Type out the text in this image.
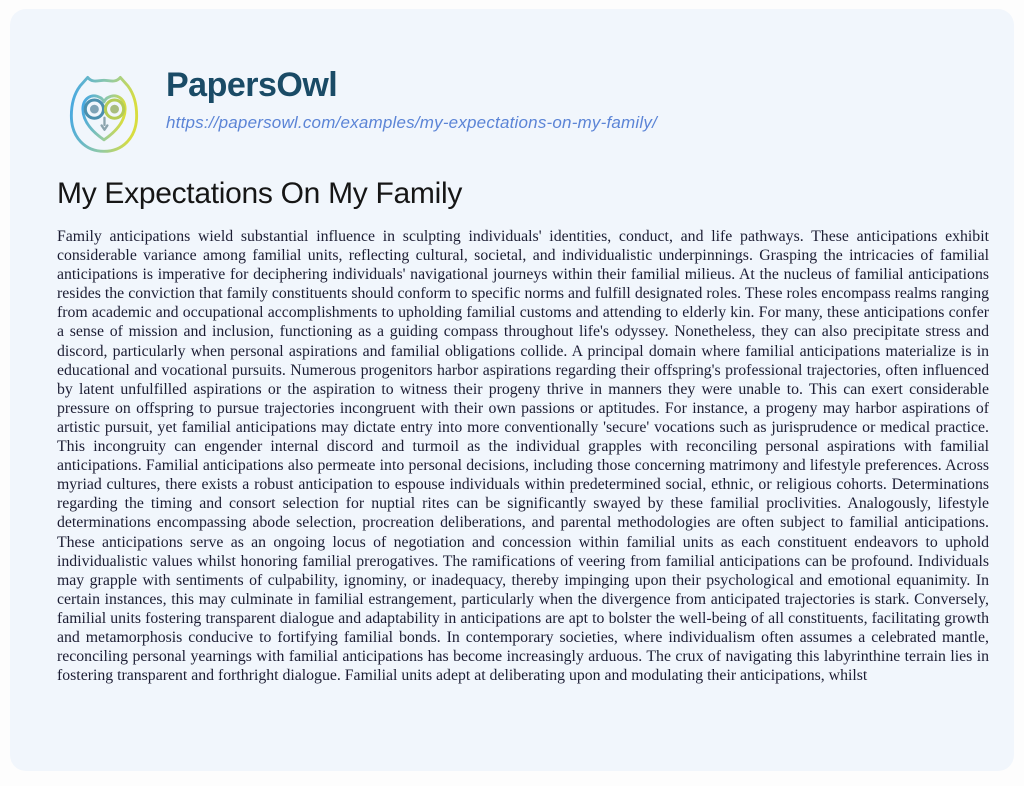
PapersOwl
https://papersowl.com/examples/my-expectations-on-my-family/
My Expectations On My Family

Family anticipations wield substantial influence in sculpting individuals' identities, conduct, and life pathways. These anticipations exhibit considerable variance among familial units, reflecting cultural, societal, and individualistic underpinnings. Grasping the intricacies of familial anticipations is imperative for deciphering individuals' navigational journeys within their familial milieus. At the nucleus of familial anticipations resides the conviction that family constituents should conform to specific norms and fulfill designated roles. These roles encompass realms ranging from academic and occupational accomplishments to upholding familial customs and attending to elderly kin. For many, these anticipations confer a sense of mission and inclusion, functioning as a guiding compass throughout life's odyssey. Nonetheless, they can also precipitate stress and discord, particularly when personal aspirations and familial obligations collide. A principal domain where familial anticipations materialize is in educational and vocational pursuits. Numerous progenitors harbor aspirations regarding their offspring's professional trajectories, often influenced by latent unfulfilled aspirations or the aspiration to witness their progeny thrive in manners they were unable to. This can exert considerable pressure on offspring to pursue trajectories incongruent with their own passions or aptitudes. For instance, a progeny may harbor aspirations of artistic pursuit, yet familial anticipations may dictate entry into more conventionally 'secure' vocations such as jurisprudence or medical practice. This incongruity can engender internal discord and turmoil as the individual grapples with reconciling personal aspirations with familial anticipations. Familial anticipations also permeate into personal decisions, including those concerning matrimony and lifestyle preferences. Across myriad cultures, there exists a robust anticipation to espouse individuals within predetermined social, ethnic, or religious cohorts. Determinations regarding the timing and consort selection for nuptial rites can be significantly swayed by these familial proclivities. Analogously, lifestyle determinations encompassing abode selection, procreation deliberations, and parental methodologies are often subject to familial anticipations. These anticipations serve as an ongoing locus of negotiation and concession within familial units as each constituent endeavors to uphold individualistic values whilst honoring familial prerogatives. The ramifications of veering from familial anticipations can be profound. Individuals may grapple with sentiments of culpability, ignominy, or inadequacy, thereby impinging upon their psychological and emotional equanimity. In certain instances, this may culminate in familial estrangement, particularly when the divergence from anticipated trajectories is stark. Conversely, familial units fostering transparent dialogue and adaptability in anticipations are apt to bolster the well-being of all constituents, facilitating growth and metamorphosis conducive to fortifying familial bonds. In contemporary societies, where individualism often assumes a celebrated mantle, reconciling personal yearnings with familial anticipations has become increasingly arduous. The crux of navigating this labyrinthine terrain lies in fostering transparent and forthright dialogue. Familial units adept at deliberating upon and modulating their anticipations, whilst
